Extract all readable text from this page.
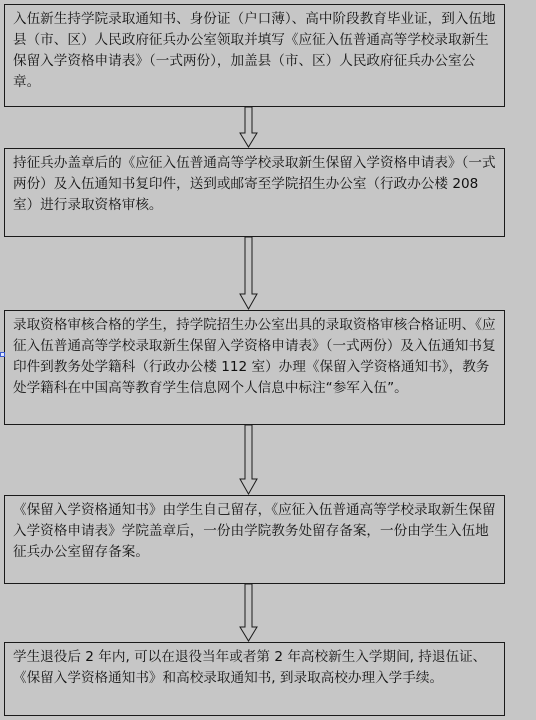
入伍新生持学院录取通知书、身份证（户口薄）、高中阶段教育毕业证，到入伍地县（市、区）人民政府征兵办公室领取并填写《应征入伍普通高等学校录取新生保留入学资格申请表》（一式两份），加盖县（市、区）人民政府征兵办公室公章。
持征兵办盖章后的《应征入伍普通高等学校录取新生保留入学资格申请表》（一式两份）及入伍通知书复印件，送到或邮寄至学院招生办公室（行政办公楼 208 室）进行录取资格审核。
录取资格审核合格的学生，持学院招生办公室出具的录取资格审核合格证明、《应征入伍普通高等学校录取新生保留入学资格申请表》（一式两份）及入伍通知书复印件到教务处学籍科（行政办公楼 112 室）办理《保留入学资格通知书》，教务处学籍科在中国高等教育学生信息网个人信息中标注“参军入伍”。
《保留入学资格通知书》由学生自己留存，《应征入伍普通高等学校录取新生保留入学资格申请表》学院盖章后，一份由学院教务处留存备案，一份由学生入伍地征兵办公室留存备案。
学生退役后 2 年内, 可以在退役当年或者第 2 年高校新生入学期间, 持退伍证、《保留入学资格通知书》和高校录取通知书, 到录取高校办理入学手续。
